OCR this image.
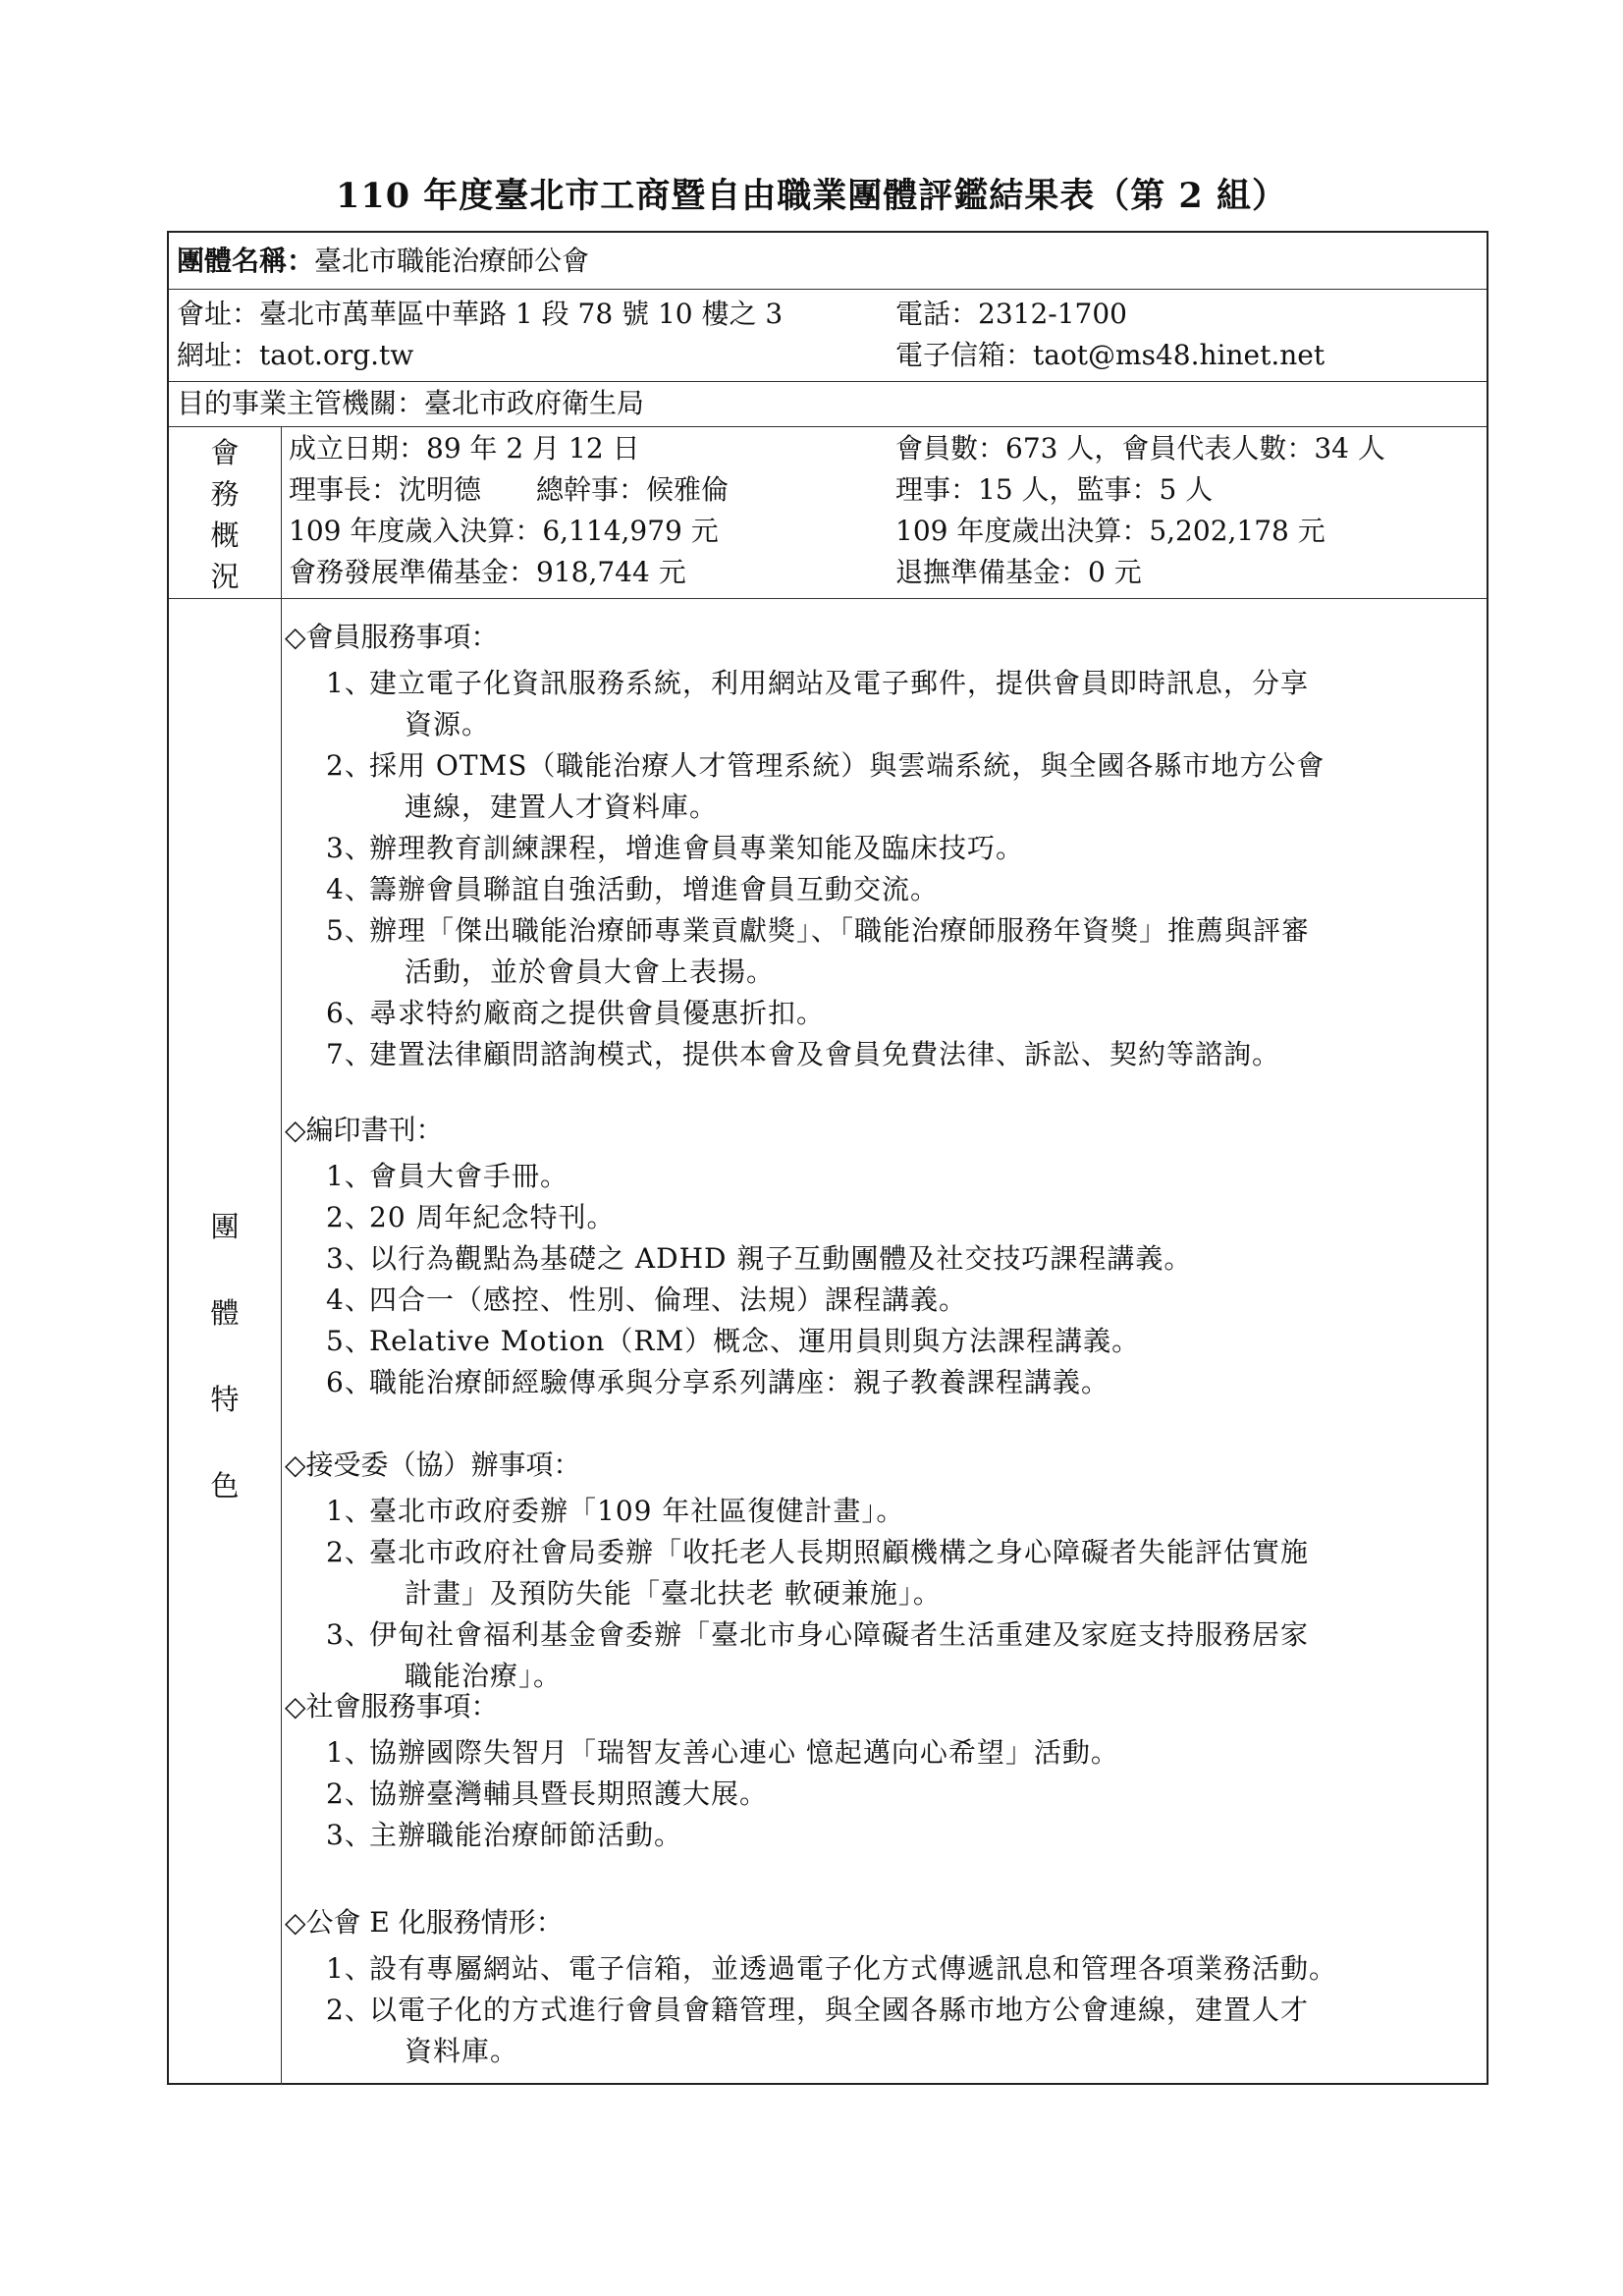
110 年度臺北市工商暨自由職業團體評鑑結果表（第 2 組）
團體名稱：臺北市職能治療師公會
會址：臺北市萬華區中華路 1 段 78 號 10 樓之 3	電話：2312-1700
網址：taot.org.tw	電子信箱：taot@ms48.hinet.net
目的事業主管機關：臺北市政府衛生局
會
務
概
況
成立日期：89 年 2 月 12 日	會員數：673 人，會員代表人數：34 人
理事長：沈明德　　總幹事：候雅倫	理事：15 人，監事：5 人
109 年度歲入決算：6,114,979 元	109 年度歲出決算：5,202,178 元
會務發展準備基金：918,744 元	退撫準備基金：0 元
團
體
特
色
◇會員服務事項：
1、
建立電子化資訊服務系統，利用網站及電子郵件，提供會員即時訊息，分享
資源。
2、
採用 OTMS（職能治療人才管理系統）與雲端系統，與全國各縣市地方公會
連線，建置人才資料庫。
3、
辦理教育訓練課程，增進會員專業知能及臨床技巧。
4、
籌辦會員聯誼自強活動，增進會員互動交流。
5、
辦理「傑出職能治療師專業貢獻獎」、「職能治療師服務年資獎」推薦與評審
活動，並於會員大會上表揚。
6、
尋求特約廠商之提供會員優惠折扣。
7、
建置法律顧問諮詢模式，提供本會及會員免費法律、訴訟、契約等諮詢。
◇編印書刊：
1、
會員大會手冊。
2、
20 周年紀念特刊。
3、
以行為觀點為基礎之 ADHD 親子互動團體及社交技巧課程講義。
4、
四合一（感控、性別、倫理、法規）課程講義。
5、
Relative Motion（RM）概念、運用員則與方法課程講義。
6、
職能治療師經驗傳承與分享系列講座：親子教養課程講義。
◇接受委（協）辦事項：
1、
臺北市政府委辦「109 年社區復健計畫」。
2、
臺北市政府社會局委辦「收托老人長期照顧機構之身心障礙者失能評估實施
計畫」及預防失能「臺北扶老 軟硬兼施」。
3、
伊甸社會福利基金會委辦「臺北市身心障礙者生活重建及家庭支持服務居家
職能治療」。
◇社會服務事項：
1、
協辦國際失智月「瑞智友善心連心 憶起邁向心希望」活動。
2、
協辦臺灣輔具暨長期照護大展。
3、
主辦職能治療師節活動。
◇公會 E 化服務情形：
1、
設有專屬網站、電子信箱，並透過電子化方式傳遞訊息和管理各項業務活動。
2、
以電子化的方式進行會員會籍管理，與全國各縣市地方公會連線，建置人才
資料庫。
